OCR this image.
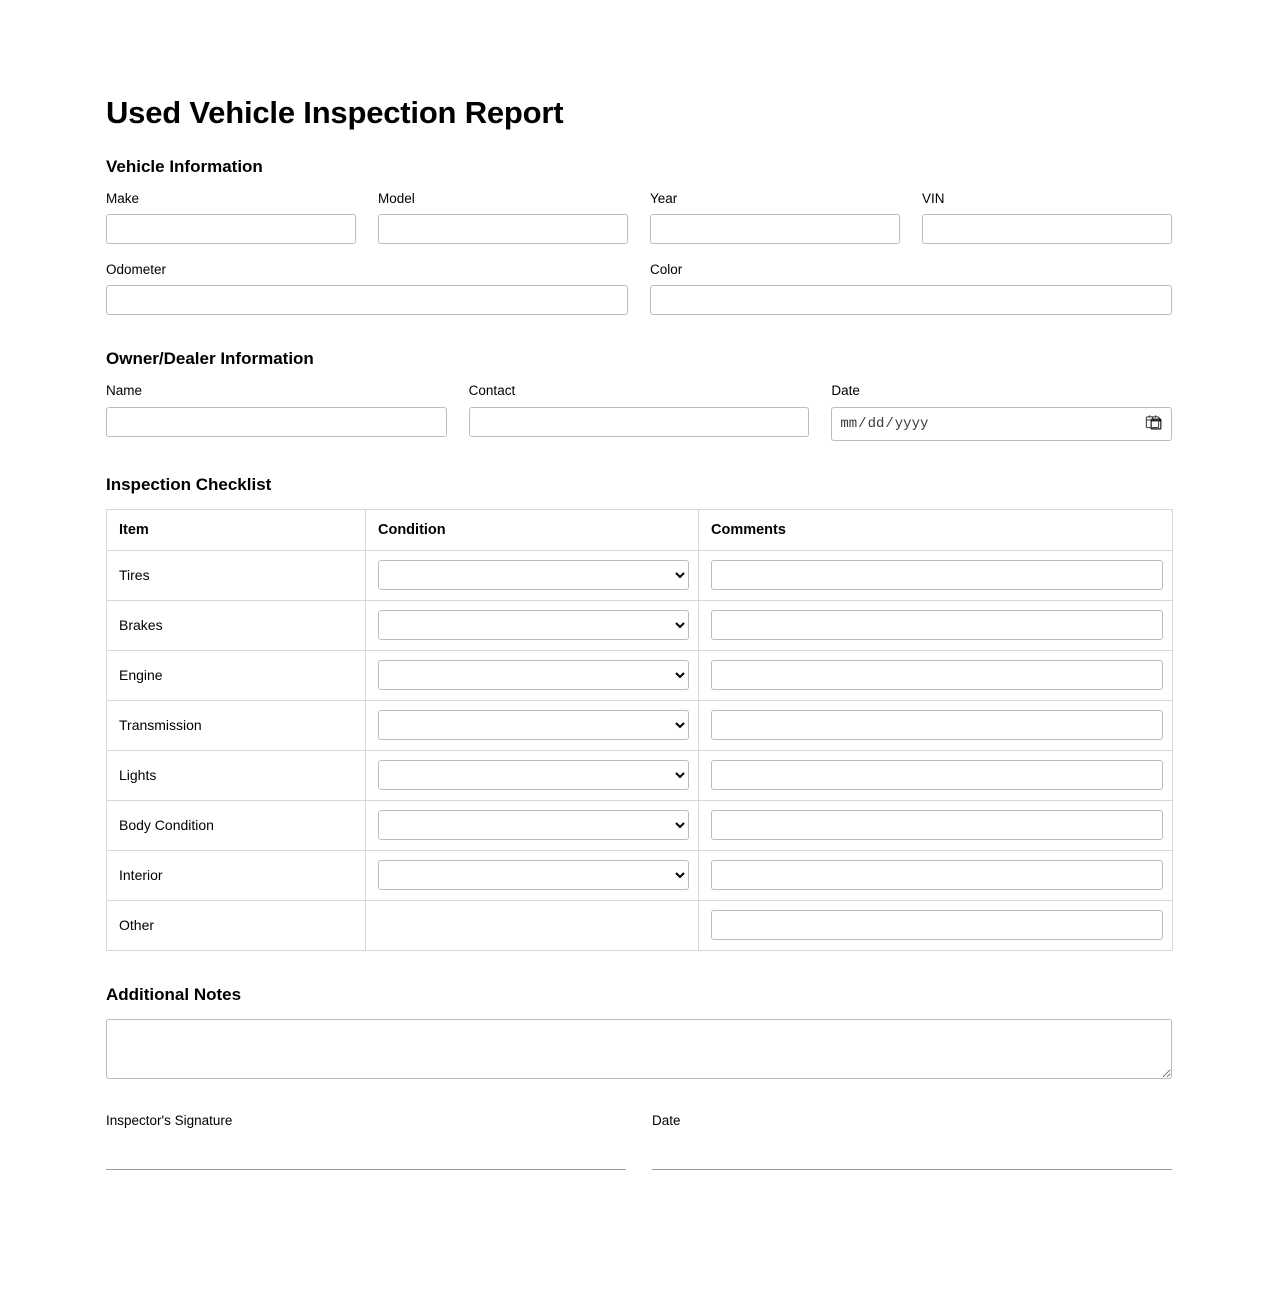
Used Vehicle Inspection Report
Vehicle Information
Make	Model	Year	VIN
Odometer	Color
Owner/Dealer Information
Name	Contact	Date
Inspection Checklist
Item	Condition	Comments
Tires	

Brakes	

Engine	

Transmission	

Lights	

Body Condition	

Interior	

Other		
Additional Notes
Inspector's Signature	Date
